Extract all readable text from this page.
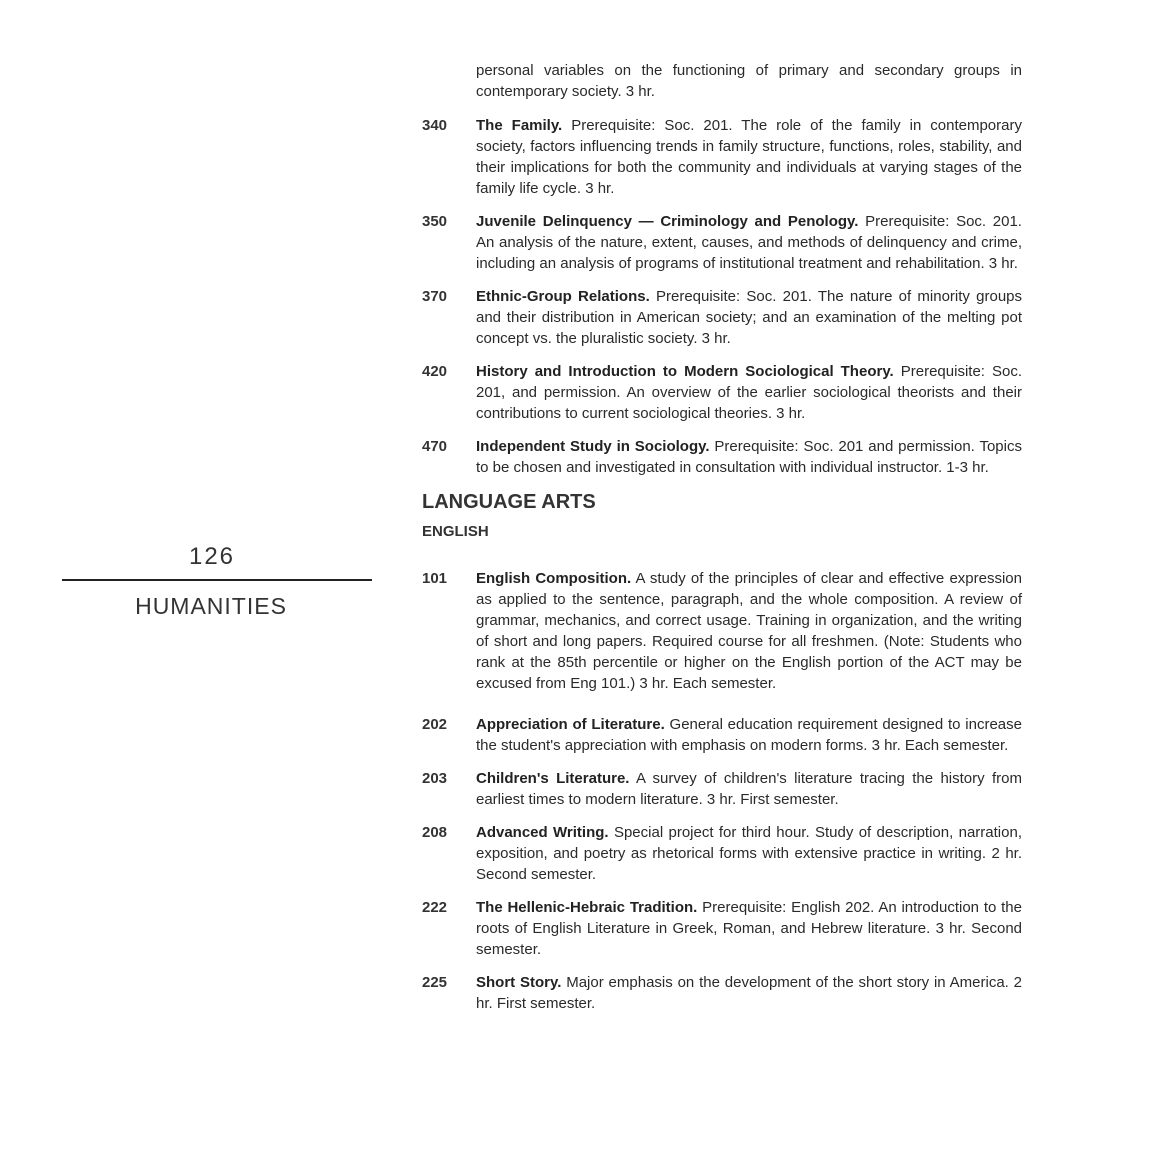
126
HUMANITIES
personal variables on the functioning of primary and secondary groups in contemporary society. 3 hr.
340	The Family. Prerequisite: Soc. 201. The role of the family in contemporary society, factors influencing trends in family structure, functions, roles, stability, and their implications for both the community and individuals at varying stages of the family life cycle. 3 hr.
350	Juvenile Delinquency — Criminology and Penology. Prerequisite: Soc. 201. An analysis of the nature, extent, causes, and methods of delinquency and crime, including an analysis of programs of institutional treatment and rehabilitation. 3 hr.
370	Ethnic-Group Relations. Prerequisite: Soc. 201. The nature of minority groups and their distribution in American society; and an examination of the melting pot concept vs. the pluralistic society. 3 hr.
420	History and Introduction to Modern Sociological Theory. Prerequisite: Soc. 201, and permission. An overview of the earlier sociological theorists and their contributions to current sociological theories. 3 hr.
470	Independent Study in Sociology. Prerequisite: Soc. 201 and permission. Topics to be chosen and investigated in consultation with individual instructor. 1-3 hr.
LANGUAGE ARTS
ENGLISH
101	English Composition. A study of the principles of clear and effective expression as applied to the sentence, paragraph, and the whole composition. A review of grammar, mechanics, and correct usage. Training in organization, and the writing of short and long papers. Required course for all freshmen. (Note: Students who rank at the 85th percentile or higher on the English portion of the ACT may be excused from Eng 101.) 3 hr. Each semester.
202	Appreciation of Literature. General education requirement designed to increase the student's appreciation with emphasis on modern forms. 3 hr. Each semester.
203	Children's Literature. A survey of children's literature tracing the history from earliest times to modern literature. 3 hr. First semester.
208	Advanced Writing. Special project for third hour. Study of description, narration, exposition, and poetry as rhetorical forms with extensive practice in writing. 2 hr. Second semester.
222	The Hellenic-Hebraic Tradition. Prerequisite: English 202. An introduction to the roots of English Literature in Greek, Roman, and Hebrew literature. 3 hr. Second semester.
225	Short Story. Major emphasis on the development of the short story in America. 2 hr. First semester.
